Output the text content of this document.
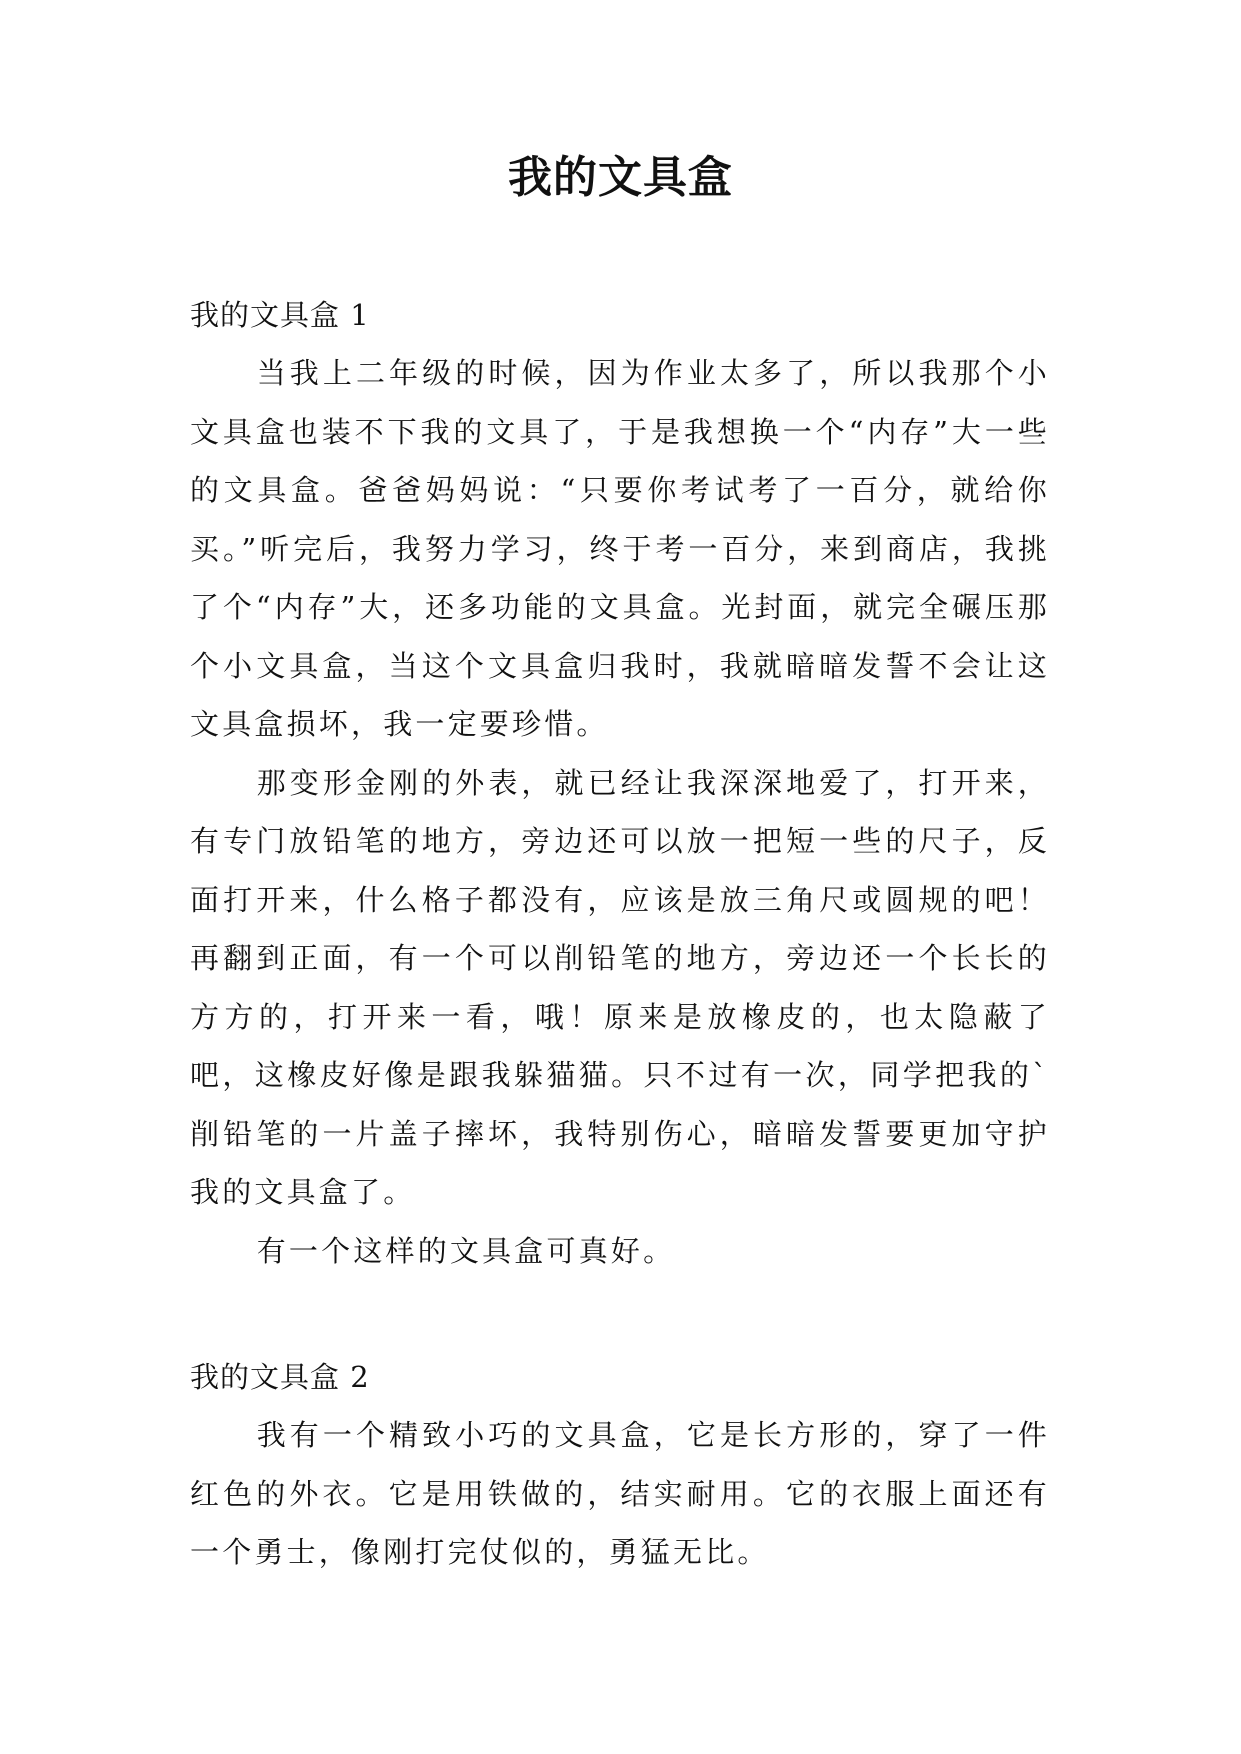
我的文具盒
我的文具盒 1

当我上二年级的时候，因为作业太多了，所以我那个小文具盒也装不下我的文具了，于是我想换一个“内存”大一些的文具盒。爸爸妈妈说：“只要你考试考了一百分，就给你买。”听完后，我努力学习，终于考一百分，来到商店，我挑了个“内存”大，还多功能的文具盒。光封面，就完全碾压那个小文具盒，当这个文具盒归我时，我就暗暗发誓不会让这文具盒损坏，我一定要珍惜。

那变形金刚的外表，就已经让我深深地爱了，打开来，有专门放铅笔的地方，旁边还可以放一把短一些的尺子，反面打开来，什么格子都没有，应该是放三角尺或圆规的吧！再翻到正面，有一个可以削铅笔的地方，旁边还一个长长的方方的，打开来一看，哦！原来是放橡皮的，也太隐蔽了吧，这橡皮好像是跟我躲猫猫。只不过有一次，同学把我的`削铅笔的一片盖子摔坏，我特别伤心，暗暗发誓要更加守护我的文具盒了。

有一个这样的文具盒可真好。

我的文具盒 2

我有一个精致小巧的文具盒，它是长方形的，穿了一件红色的外衣。它是用铁做的，结实耐用。它的衣服上面还有一个勇士，像刚打完仗似的，勇猛无比。
